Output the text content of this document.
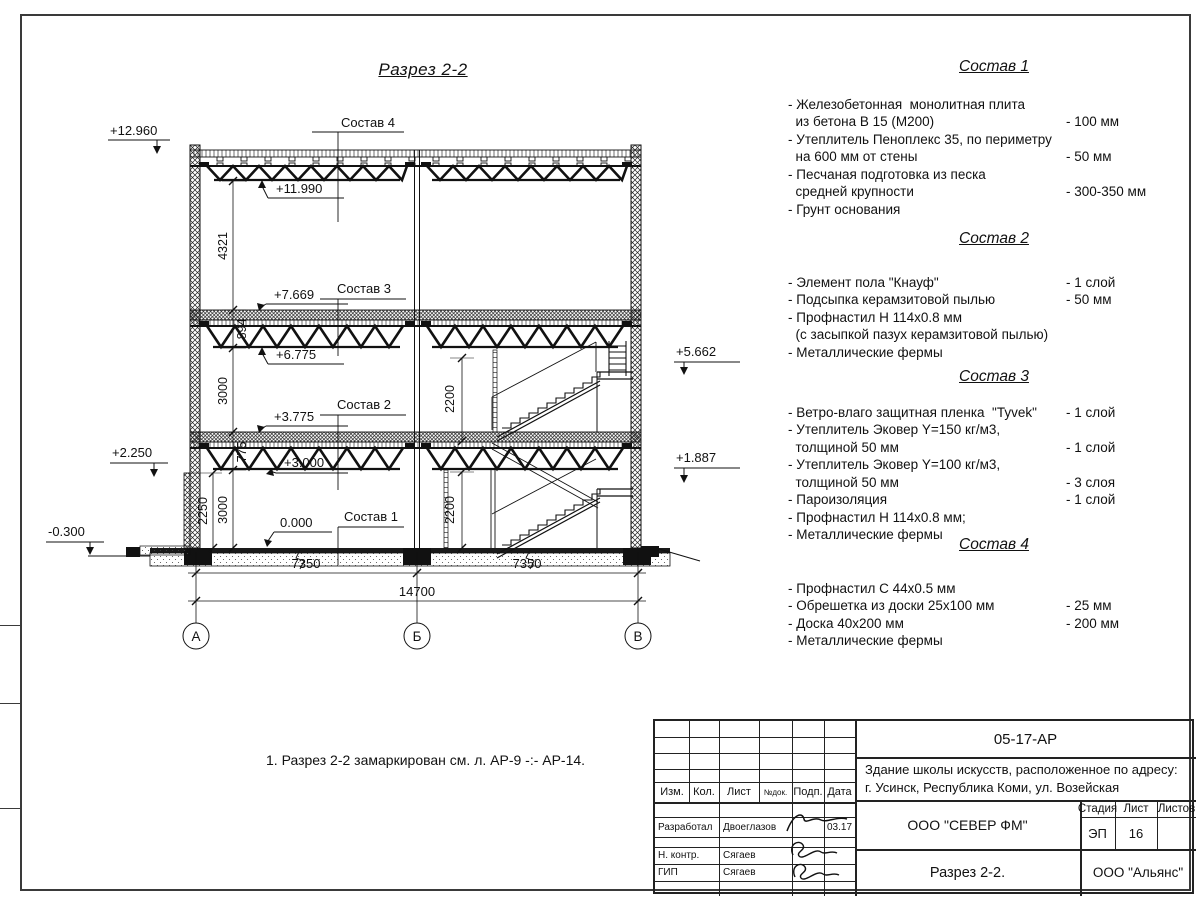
Разрез 2-2
Состав 4
Состав 3
Состав 2
Состав 1
+12.960
+2.250
-0.300
+5.662
+1.887
+11.990
+7.669
+6.775
+3.775
+3.000
0.000
4321
894
3000
775
3000
2250
2200
2200
7350	7350
14700
А	Б	В
Состав 1
- Железобетонная  монолитная плита
из бетона В 15 (М200)	- 100 мм
- Утеплитель Пеноплекс 35, по периметру
на 600 мм от стены	- 50 мм
- Песчаная подготовка из песка
средней крупности	- 300-350 мм
- Грунт основания
Состав 2
- Элемент пола "Кнауф"	- 1 слой
- Подсыпка керамзитовой пылью	- 50 мм
- Профнастил Н 114х0.8 мм
(с засыпкой пазух керамзитовой пылью)
- Металлические фермы
Состав 3
- Ветро-влаго защитная пленка  "Tyvek"	- 1 слой
- Утеплитель Эковер Y=150 кг/м3,
толщиной 50 мм	- 1 слой
- Утеплитель Эковер Y=100 кг/м3,
толщиной 50 мм	- 3 слоя
- Пароизоляция	- 1 слой
- Профнастил Н 114х0.8 мм;
- Металлические фермы
Состав 4
- Профнастил С 44х0.5 мм
- Обрешетка из доски 25х100 мм	- 25 мм
- Доска 40х200 мм	- 200 мм
- Металлические фермы
1. Разрез 2-2 замаркирован см. л. АР-9 -:- АР-14.
Изм. Кол.	Лист	№док. Подп. Дата
Разработал	Двоеглазов	03.17
Н. контр.	Сягаев
ГИП	Сягаев
05-17-АР
Здание школы искусств, расположенное по адресу:
г. Усинск, Республика Коми, ул. Возейская
ООО "СЕВЕР ФМ"
Стадия Лист Листов
ЭП	16
Разрез 2-2.	ООО "Альянс"
